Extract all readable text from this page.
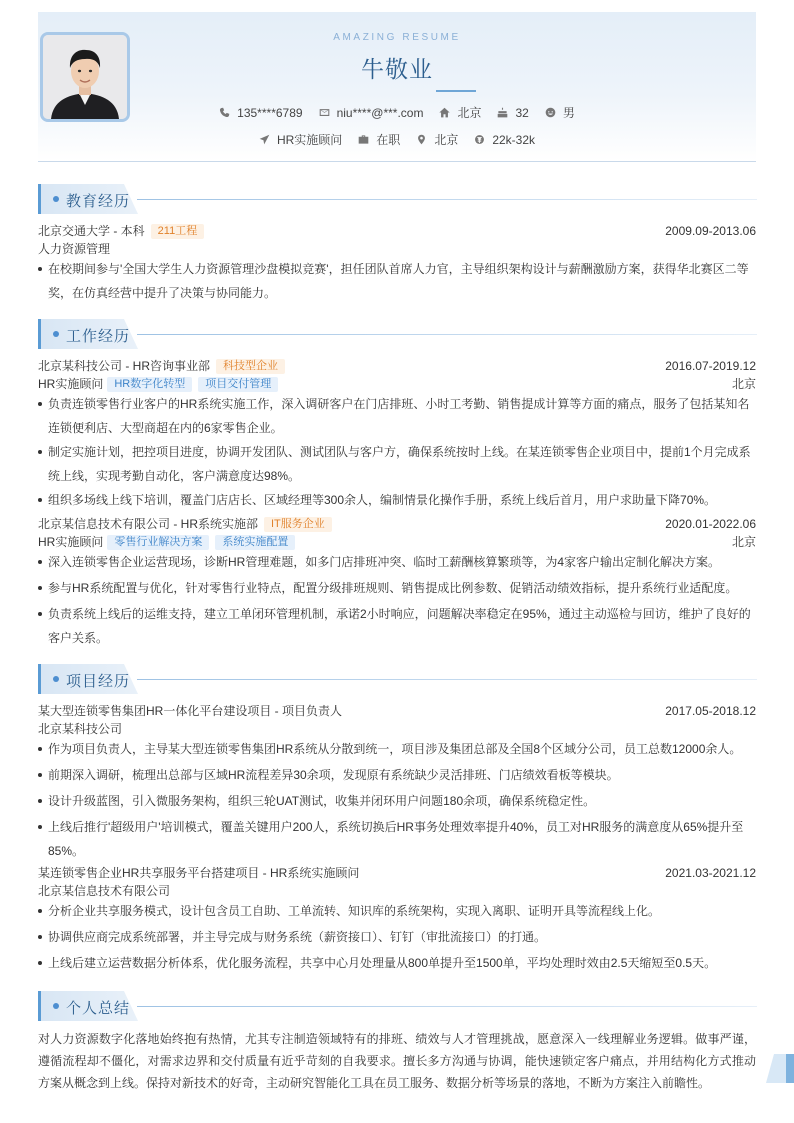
AMAZING RESUME
牛敬业
135****6789	niu****@***.com	北京	32	男
HR实施顾问	在职	北京	22k-32k
教育经历
北京交通大学 - 本科 211工程	2009.09-2013.06
人力资源管理
在校期间参与'全国大学生人力资源管理沙盘模拟竞赛'，担任团队首席人力官，主导组织架构设计与薪酬激励方案，获得华北赛区二等奖，在仿真经营中提升了决策与协同能力。
工作经历
北京某科技公司 - HR咨询事业部 科技型企业	2016.07-2019.12
HR实施顾问 HR数字化转型 项目交付管理	北京
负责连锁零售行业客户的HR系统实施工作，深入调研客户在门店排班、小时工考勤、销售提成计算等方面的痛点，服务了包括某知名连锁便利店、大型商超在内的6家零售企业。
制定实施计划，把控项目进度，协调开发团队、测试团队与客户方，确保系统按时上线。在某连锁零售企业项目中，提前1个月完成系统上线，实现考勤自动化，客户满意度达98%。
组织多场线上线下培训，覆盖门店店长、区域经理等300余人，编制情景化操作手册，系统上线后首月，用户求助量下降70%。
北京某信息技术有限公司 - HR系统实施部 IT服务企业	2020.01-2022.06
HR实施顾问 零售行业解决方案 系统实施配置	北京
深入连锁零售企业运营现场，诊断HR管理难题，如多门店排班冲突、临时工薪酬核算繁琐等，为4家客户输出定制化解决方案。
参与HR系统配置与优化，针对零售行业特点，配置分级排班规则、销售提成比例参数、促销活动绩效指标，提升系统行业适配度。
负责系统上线后的运维支持，建立工单闭环管理机制，承诺2小时响应，问题解决率稳定在95%，通过主动巡检与回访，维护了良好的客户关系。
项目经历
某大型连锁零售集团HR一体化平台建设项目 - 项目负责人	2017.05-2018.12
北京某科技公司
作为项目负责人，主导某大型连锁零售集团HR系统从分散到统一，项目涉及集团总部及全国8个区域分公司，员工总数12000余人。
前期深入调研，梳理出总部与区域HR流程差异30余项，发现原有系统缺少灵活排班、门店绩效看板等模块。
设计升级蓝图，引入微服务架构，组织三轮UAT测试，收集并闭环用户问题180余项，确保系统稳定性。
上线后推行'超级用户'培训模式，覆盖关键用户200人，系统切换后HR事务处理效率提升40%，员工对HR服务的满意度从65%提升至85%。
某连锁零售企业HR共享服务平台搭建项目 - HR系统实施顾问	2021.03-2021.12
北京某信息技术有限公司
分析企业共享服务模式，设计包含员工自助、工单流转、知识库的系统架构，实现入离职、证明开具等流程线上化。
协调供应商完成系统部署，并主导完成与财务系统（薪资接口）、钉钉（审批流接口）的打通。
上线后建立运营数据分析体系，优化服务流程，共享中心月处理量从800单提升至1500单，平均处理时效由2.5天缩短至0.5天。
个人总结
对人力资源数字化落地始终抱有热情，尤其专注制造领域特有的排班、绩效与人才管理挑战，愿意深入一线理解业务逻辑。做事严谨，遵循流程却不僵化，对需求边界和交付质量有近乎苛刻的自我要求。擅长多方沟通与协调，能快速锁定客户痛点，并用结构化方式推动方案从概念到上线。保持对新技术的好奇，主动研究智能化工具在员工服务、数据分析等场景的落地，不断为方案注入前瞻性。
